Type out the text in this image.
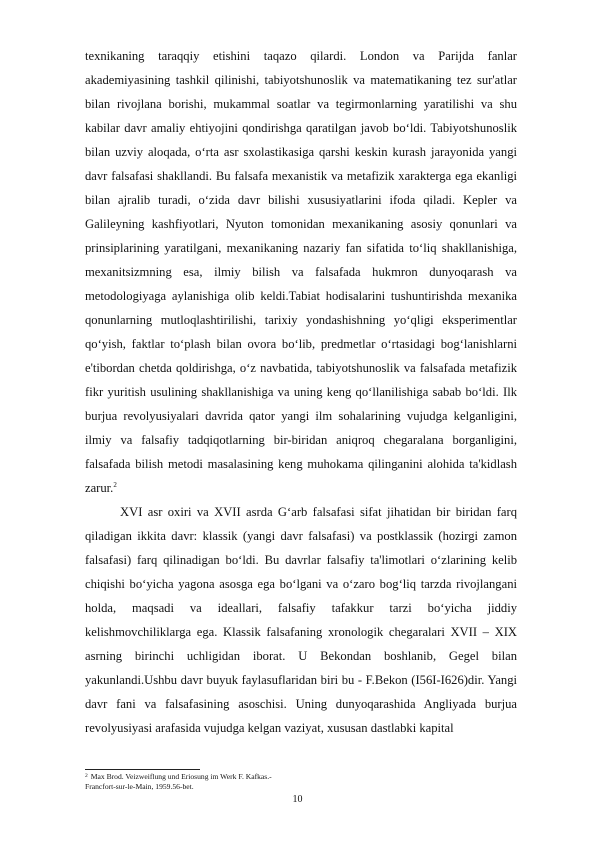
texnikaning taraqqiy etishini taqazo qilardi. London va Parijda fanlar akademiyasining tashkil qilinishi, tabiyotshunoslik va matematikaning tez sur'atlar bilan rivojlana borishi, mukammal soatlar va tegirmonlarning yaratilishi va shu kabilar davr amaliy ehtiyojini qondirishga qaratilgan javob bo‘ldi. Tabiyotshunoslik bilan uzviy aloqada, o‘rta asr sxolastikasiga qarshi keskin kurash jarayonida yangi davr falsafasi shakllandi. Bu falsafa mexanistik va metafizik xarakterga ega ekanligi bilan ajralib turadi, o‘zida davr bilishi xususiyatlarini ifoda qiladi. Kepler va Galileyning kashfiyotlari, Nyuton tomonidan mexanikaning asosiy qonunlari va prinsiplarining yaratilgani, mexanikaning nazariy fan sifatida to‘liq shakllanishiga, mexanitsizmning esa, ilmiy bilish va falsafada hukmron dunyoqarash va metodologiyaga aylanishiga olib keldi.Tabiat hodisalarini tushuntirishda mexanika qonunlarning mutloqlashtirilishi, tarixiy yondashishning yo‘qligi eksperimentlar qo‘yish, faktlar to‘plash bilan ovora bo‘lib, predmetlar o‘rtasidagi bog‘lanishlarni e'tibordan chetda qoldirishga, o‘z navbatida, tabiyotshunoslik va falsafada metafizik fikr yuritish usulining shakllanishiga va uning keng qo‘llanilishiga sabab bo‘ldi. Ilk burjua revolyusiyalari davrida qator yangi ilm sohalarining vujudga kelganligini, ilmiy va falsafiy tadqiqotlarning bir-biridan aniqroq chegaralana borganligini, falsafada bilish metodi masalasining keng muhokama qilinganini alohida ta'kidlash zarur.$^2$

XVI asr oxiri va XVII asrda G‘arb falsafasi sifat jihatidan bir biridan farq qiladigan ikkita davr: klassik (yangi davr falsafasi) va postklassik (hozirgi zamon falsafasi) farq qilinadigan bo‘ldi. Bu davrlar falsafiy ta'limotlari o‘zlarining kelib chiqishi bo‘yicha yagona asosga ega bo‘lgani va o‘zaro bog‘liq tarzda rivojlangani holda, maqsadi va ideallari, falsafiy tafakkur tarzi bo‘yicha jiddiy kelishmovchiliklarga ega. Klassik falsafaning xronologik chegaralari XVII – XIX asrning birinchi uchligidan iborat. U Bekondan boshlanib, Gegel bilan yakunlandi.Ushbu davr buyuk faylasuflaridan biri bu - F.Bekon (I56I-I626)dir. Yangi davr fani va falsafasining asoschisi. Uning dunyoqarashida Angliyada burjua revolyusiyasi arafasida vujudga kelgan vaziyat, xususan dastlabki kapital

$^2$ Max Brod. Veizweiflung und Eriosung im Werk F. Kafkas.-
Francfort-sur-le-Main, 1959.56-bet.
10
